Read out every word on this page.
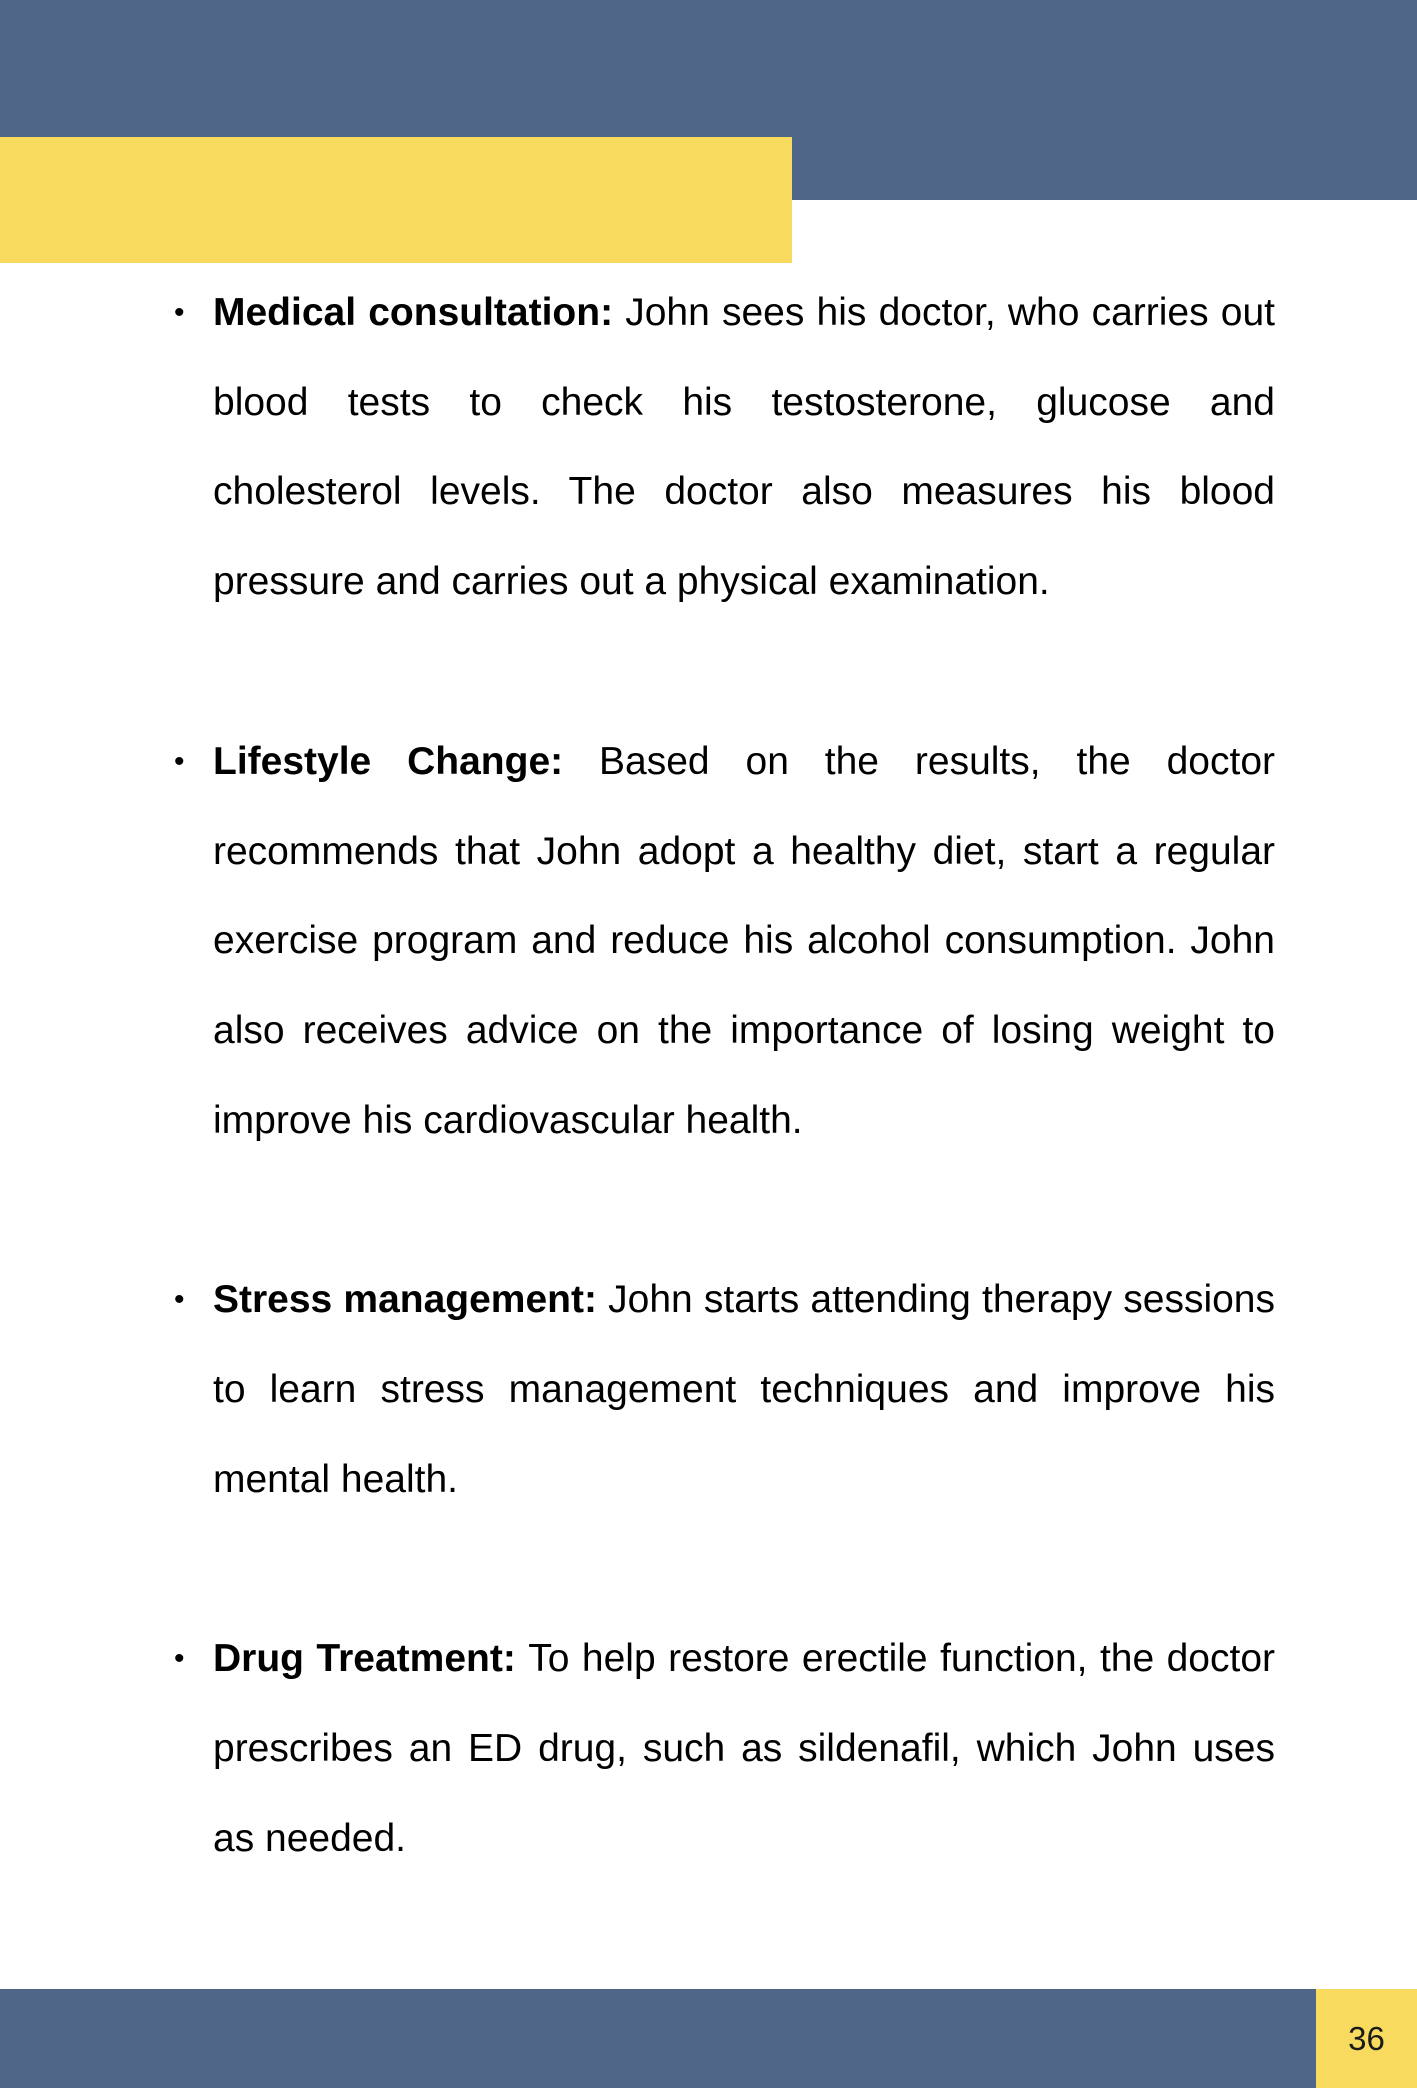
• Medical consultation: John sees his doctor, who carries out blood tests to check his testosterone, glucose and cholesterol levels. The doctor also measures his blood pressure and carries out a physical examination.
• Lifestyle Change: Based on the results, the doctor recommends that John adopt a healthy diet, start a regular exercise program and reduce his alcohol consumption. John also receives advice on the importance of losing weight to improve his cardiovascular health.
• Stress management: John starts attending therapy sessions to learn stress management techniques and improve his mental health.
• Drug Treatment: To help restore erectile function, the doctor prescribes an ED drug, such as sildenafil, which John uses as needed.
36
